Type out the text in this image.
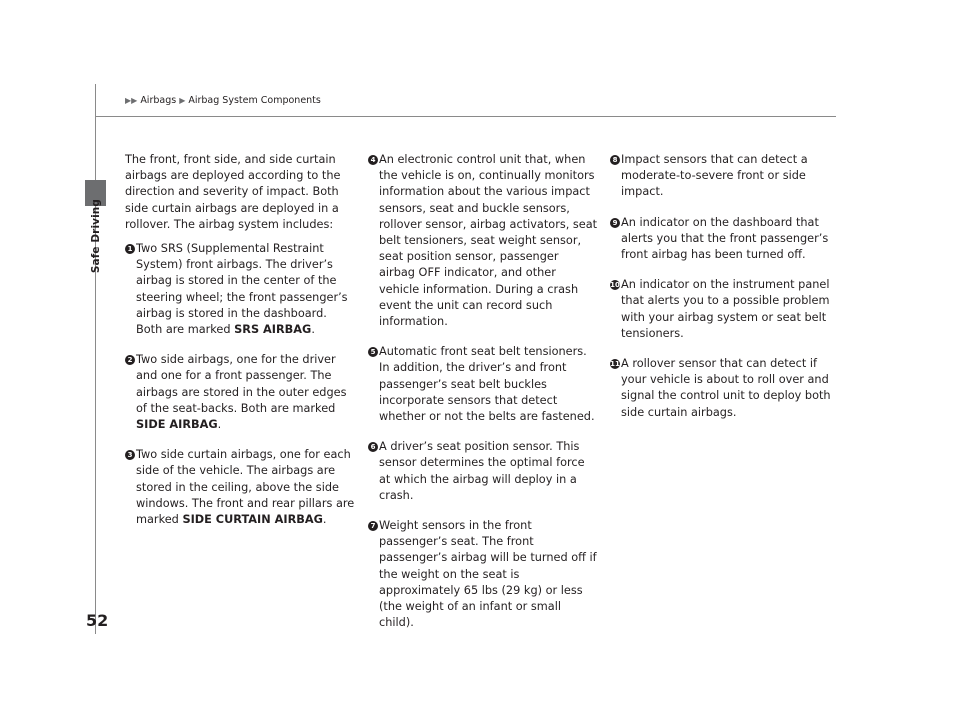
Safe Driving
▶▶ Airbags ▶ Airbag System Components

The front, front side, and side curtain airbags are deployed according to the direction and severity of impact. Both side curtain airbags are deployed in a rollover. The airbag system includes:

1 Two SRS (Supplemental Restraint System) front airbags. The driver’s airbag is stored in the center of the steering wheel; the front passenger’s airbag is stored in the dashboard. Both are marked SRS AIRBAG.
2 Two side airbags, one for the driver and one for a front passenger. The airbags are stored in the outer edges of the seat-backs. Both are marked SIDE AIRBAG.
3 Two side curtain airbags, one for each side of the vehicle. The airbags are stored in the ceiling, above the side windows. The front and rear pillars are marked SIDE CURTAIN AIRBAG.
4 An electronic control unit that, when the vehicle is on, continually monitors information about the various impact sensors, seat and buckle sensors, rollover sensor, airbag activators, seat belt tensioners, seat weight sensor, seat position sensor, passenger airbag OFF indicator, and other vehicle information. During a crash event the unit can record such information.
5 Automatic front seat belt tensioners. In addition, the driver’s and front passenger’s seat belt buckles incorporate sensors that detect whether or not the belts are fastened.
6 A driver’s seat position sensor. This sensor determines the optimal force at which the airbag will deploy in a crash.
7 Weight sensors in the front passenger’s seat. The front passenger’s airbag will be turned off if the weight on the seat is approximately 65 lbs (29 kg) or less (the weight of an infant or small child).
8 Impact sensors that can detect a moderate-to-severe front or side impact.
9 An indicator on the dashboard that alerts you that the front passenger’s front airbag has been turned off.
10 An indicator on the instrument panel that alerts you to a possible problem with your airbag system or seat belt tensioners.
11 A rollover sensor that can detect if your vehicle is about to roll over and signal the control unit to deploy both side curtain airbags.
52
